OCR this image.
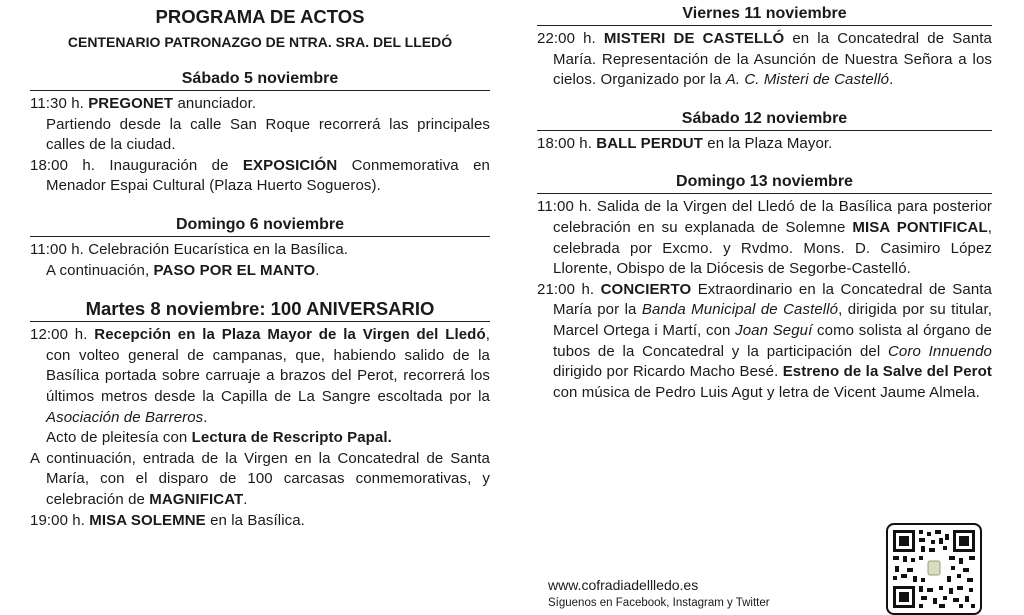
PROGRAMA DE ACTOS
CENTENARIO PATRONAZGO DE NTRA. SRA. DEL LLEDÓ
Sábado 5 noviembre
11:30 h. PREGONET anunciador.
Partiendo desde la calle San Roque recorrerá las principales calles de la ciudad.
18:00 h. Inauguración de EXPOSICIÓN Conmemorativa en Menador Espai Cultural (Plaza Huerto Sogueros).
Domingo 6 noviembre
11:00 h. Celebración Eucarística en la Basílica.
A continuación, PASO POR EL MANTO.
Martes 8 noviembre: 100 ANIVERSARIO
12:00 h. Recepción en la Plaza Mayor de la Virgen del Lledó, con volteo general de campanas, que, habiendo salido de la Basílica portada sobre carruaje a brazos del Perot, recorrerá los últimos metros desde la Capilla de La Sangre escoltada por la Asociación de Barreros.
Acto de pleitesía con Lectura de Rescripto Papal.
A continuación, entrada de la Virgen en la Concatedral de Santa María, con el disparo de 100 carcasas conmemorativas, y celebración de MAGNIFICAT.
19:00 h. MISA SOLEMNE en la Basílica.
Viernes 11 noviembre
22:00 h. MISTERI DE CASTELLÓ en la Concatedral de Santa María. Representación de la Asunción de Nuestra Señora a los cielos. Organizado por la A. C. Misteri de Castelló.
Sábado 12 noviembre
18:00 h. BALL PERDUT en la Plaza Mayor.
Domingo 13 noviembre
11:00 h. Salida de la Virgen del Lledó de la Basílica para posterior celebración en su explanada de Solemne MISA PONTIFICAL, celebrada por Excmo. y Rvdmo. Mons. D. Casimiro López Llorente, Obispo de la Diócesis de Segorbe-Castelló.
21:00 h. CONCIERTO Extraordinario en la Concatedral de Santa María por la Banda Municipal de Castelló, dirigida por su titular, Marcel Ortega i Martí, con Joan Seguí como solista al órgano de tubos de la Concatedral y la participación del Coro Innuendo dirigido por Ricardo Macho Besé. Estreno de la Salve del Perot con música de Pedro Luis Agut y letra de Vicent Jaume Almela.
www.cofradiadellledo.es
Síguenos en Facebook, Instagram y Twitter
